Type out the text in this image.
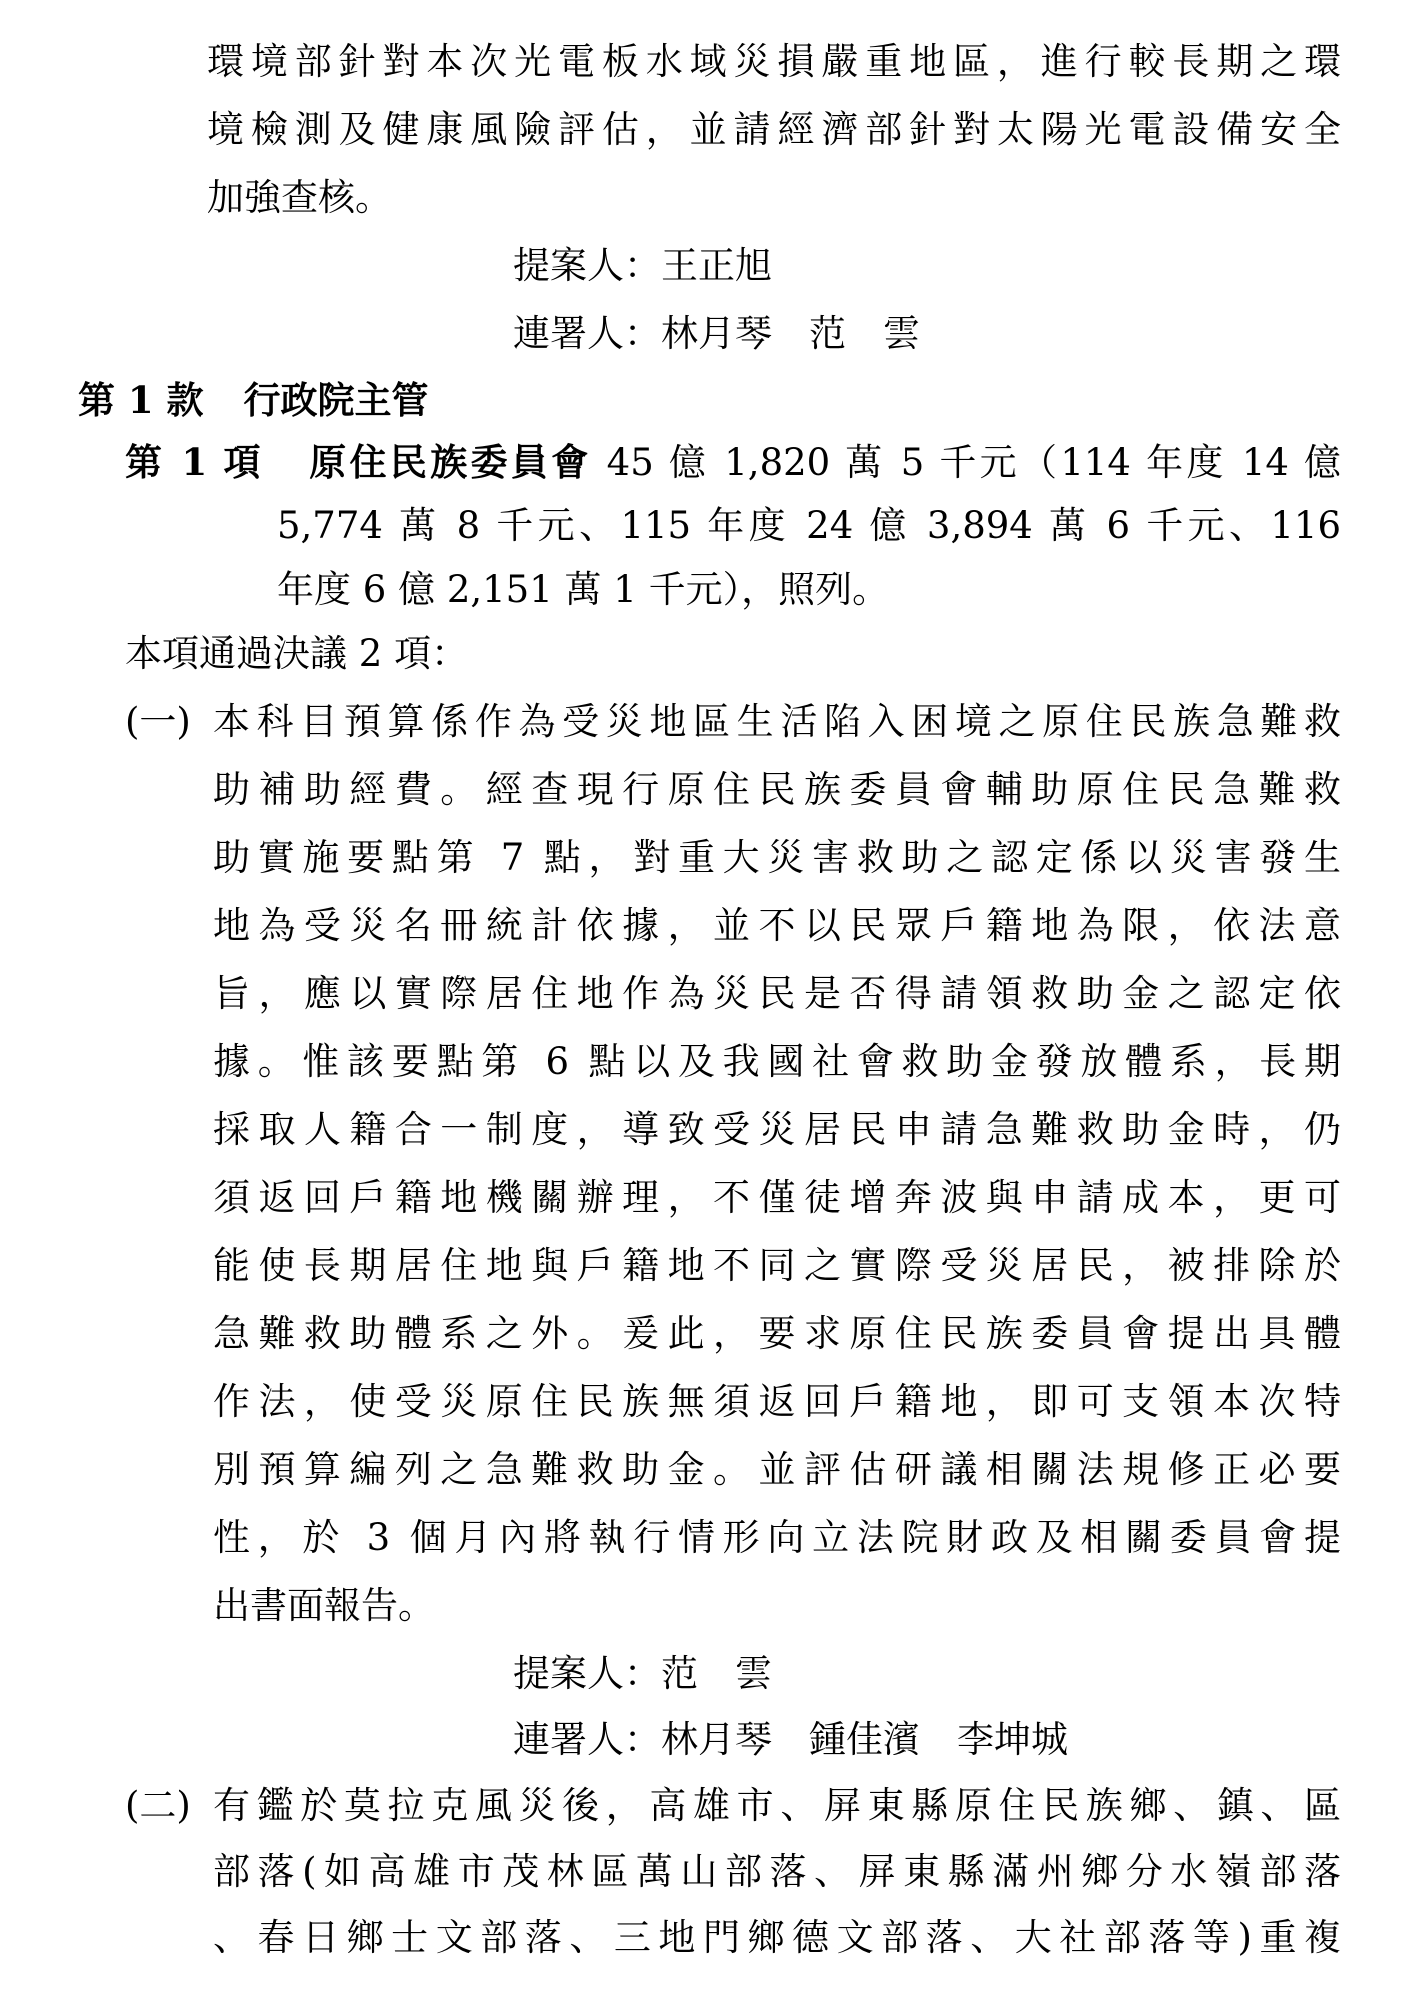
環境部針對本次光電板水域災損嚴重地區，進行較長期之環

境檢測及健康風險評估，並請經濟部針對太陽光電設備安全

加強查核。

提案人：王正旭

連署人：林月琴　范　雲

第 1 款 行政院主管

第 1 項 原住民族委員會 45 億 1,820 萬 5 千元（114 年度 14 億

5,774 萬 8 千元、115 年度 24 億 3,894 萬 6 千元、116

年度 6 億 2,151 萬 1 千元），照列。

本項通過決議 2 項：

(一) 本科目預算係作為受災地區生活陷入困境之原住民族急難救

助補助經費。經查現行原住民族委員會輔助原住民急難救

助實施要點第 7 點，對重大災害救助之認定係以災害發生

地為受災名冊統計依據，並不以民眾戶籍地為限，依法意

旨，應以實際居住地作為災民是否得請領救助金之認定依

據。惟該要點第 6 點以及我國社會救助金發放體系，長期

採取人籍合一制度，導致受災居民申請急難救助金時，仍

須返回戶籍地機關辦理，不僅徒增奔波與申請成本，更可

能使長期居住地與戶籍地不同之實際受災居民，被排除於

急難救助體系之外。爰此，要求原住民族委員會提出具體

作法，使受災原住民族無須返回戶籍地，即可支領本次特

別預算編列之急難救助金。並評估研議相關法規修正必要

性，於 3 個月內將執行情形向立法院財政及相關委員會提

出書面報告。

提案人：范　雲

連署人：林月琴　鍾佳濱　李坤城

(二) 有鑑於莫拉克風災後，高雄市、屏東縣原住民族鄉、鎮、區

部落(如高雄市茂林區萬山部落、屏東縣滿州鄉分水嶺部落

、春日鄉士文部落、三地門鄉德文部落、大社部落等)重複
